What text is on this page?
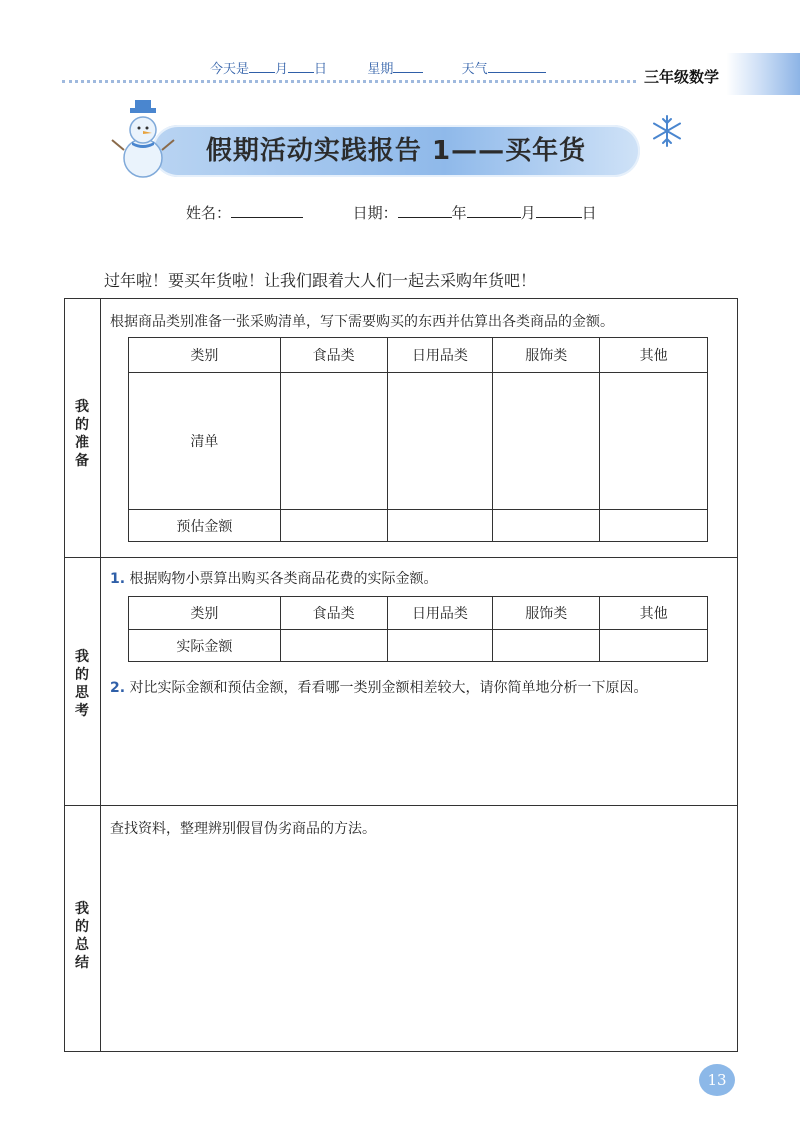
今天是 月 日	星期	天气	三年级数学
假期活动实践报告 1——买年货
姓名：	日期：	年	月	日
过年啦！要买年货啦！让我们跟着大人们一起去采购年货吧！
我
的
准
备
根据商品类别准备一张采购清单，写下需要购买的东西并估算出各类商品的金额。
类别	食品类	日用品类	服饰类	其他
清单				
预估金额				
我
的
思
考
1. 根据购物小票算出购买各类商品花费的实际金额。
类别	食品类	日用品类	服饰类	其他
实际金额				
2. 对比实际金额和预估金额，看看哪一类别金额相差较大，请你简单地分析一下原因。
我
的
总
结
查找资料，整理辨别假冒伪劣商品的方法。
13
